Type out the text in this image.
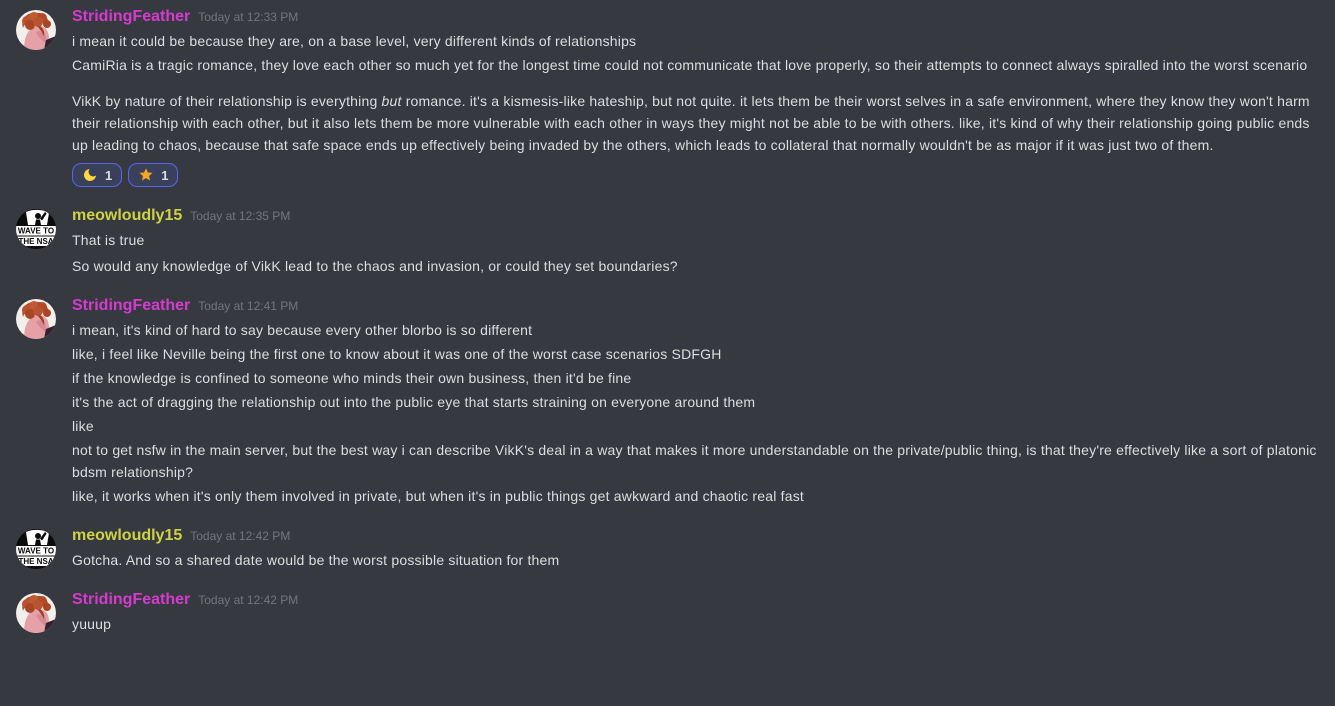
StridingFeather Today at 12:33 PM
i mean it could be because they are, on a base level, very different kinds of relationships
CamiRia is a tragic romance, they love each other so much yet for the longest time could not communicate that love properly, so their attempts to connect always spiralled into the worst scenario
VikK by nature of their relationship is everything but romance. it's a kismesis-like hateship, but not quite. it lets them be their worst selves in a safe environment, where they know they won't harm their relationship with each other, but it also lets them be more vulnerable with each other in ways they might not be able to be with others. like, it's kind of why their relationship going public ends up leading to chaos, because that safe space ends up effectively being invaded by the others, which leads to collateral that normally wouldn't be as major if it was just two of them.
1	1
WAVE TO
THE NSA
meowloudly15 Today at 12:35 PM
That is true
So would any knowledge of VikK lead to the chaos and invasion, or could they set boundaries?
StridingFeather Today at 12:41 PM
i mean, it's kind of hard to say because every other blorbo is so different
like, i feel like Neville being the first one to know about it was one of the worst case scenarios SDFGH
if the knowledge is confined to someone who minds their own business, then it'd be fine
it's the act of dragging the relationship out into the public eye that starts straining on everyone around them
like
not to get nsfw in the main server, but the best way i can describe VikK's deal in a way that makes it more understandable on the private/public thing, is that they're effectively like a sort of platonic bdsm relationship?
like, it works when it's only them involved in private, but when it's in public things get awkward and chaotic real fast
WAVE TO
THE NSA
meowloudly15 Today at 12:42 PM
Gotcha. And so a shared date would be the worst possible situation for them
StridingFeather Today at 12:42 PM
yuuup
